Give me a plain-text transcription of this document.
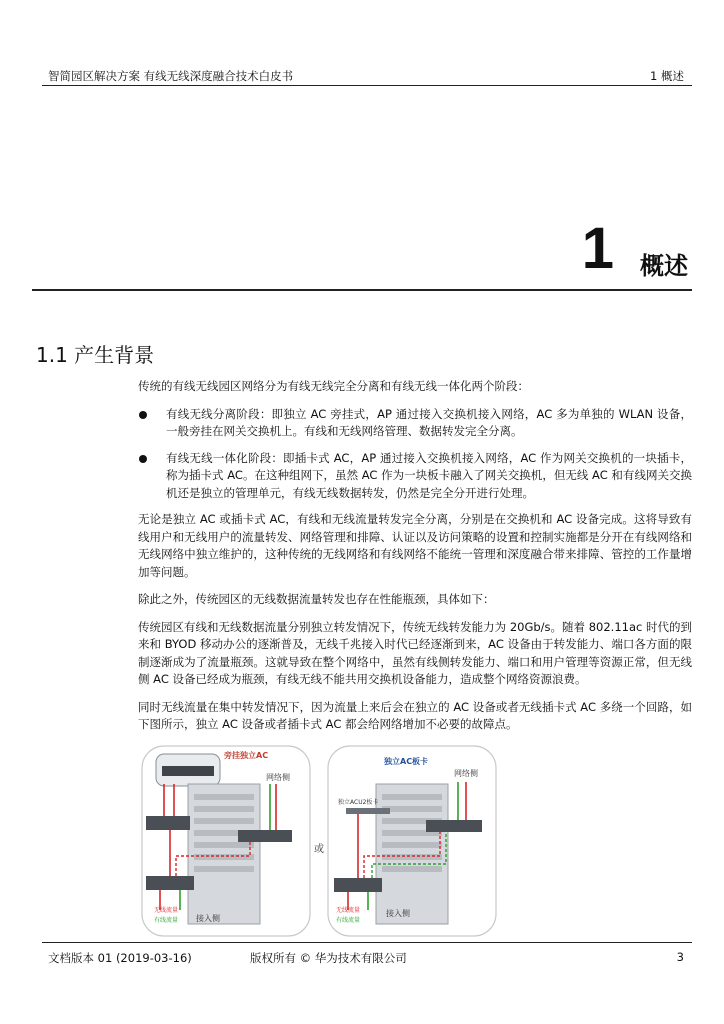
智简园区解决方案 有线无线深度融合技术白皮书	1 概述
1 概述
1.1 产生背景

传统的有线无线园区网络分为有线无线完全分离和有线无线一体化两个阶段：

有线无线分离阶段：即独立 AC 旁挂式，AP 通过接入交换机接入网络，AC 多为单独的 WLAN 设备，一般旁挂在网关交换机上。有线和无线网络管理、数据转发完全分离。
有线无线一体化阶段：即插卡式 AC，AP 通过接入交换机接入网络，AC 作为网关交换机的一块插卡，称为插卡式 AC。在这种组网下，虽然 AC 作为一块板卡融入了网关交换机，但无线 AC 和有线网关交换机还是独立的管理单元，有线无线数据转发，仍然是完全分开进行处理。

无论是独立 AC 或插卡式 AC，有线和无线流量转发完全分离，分别是在交换机和 AC 设备完成。这将导致有线用户和无线用户的流量转发、网络管理和排障、认证以及访问策略的设置和控制实施都是分开在有线网络和无线网络中独立维护的，这种传统的无线网络和有线网络不能统一管理和深度融合带来排障、管控的工作量增加等问题。

除此之外，传统园区的无线数据流量转发也存在性能瓶颈，具体如下：

传统园区有线和无线数据流量分别独立转发情况下，传统无线转发能力为 20Gb/s。随着 802.11ac 时代的到来和 BYOD 移动办公的逐渐普及，无线千兆接入时代已经逐渐到来，AC 设备由于转发能力、端口各方面的限制逐渐成为了流量瓶颈。这就导致在整个网络中，虽然有线侧转发能力、端口和用户管理等资源正常，但无线侧 AC 设备已经成为瓶颈，有线无线不能共用交换机设备能力，造成整个网络资源浪费。

同时无线流量在集中转发情况下，因为流量上来后会在独立的 AC 设备或者无线插卡式 AC 多绕一个回路，如下图所示，独立 AC 设备或者插卡式 AC 都会给网络增加不必要的故障点。

旁挂独立AC
网络侧
接入侧
无线流量
有线流量
或
独立AC板卡
独立ACU2板卡
网络侧
接入侧
无线流量
有线流量
文档版本 01 (2019-03-16)	版权所有 © 华为技术有限公司	3
